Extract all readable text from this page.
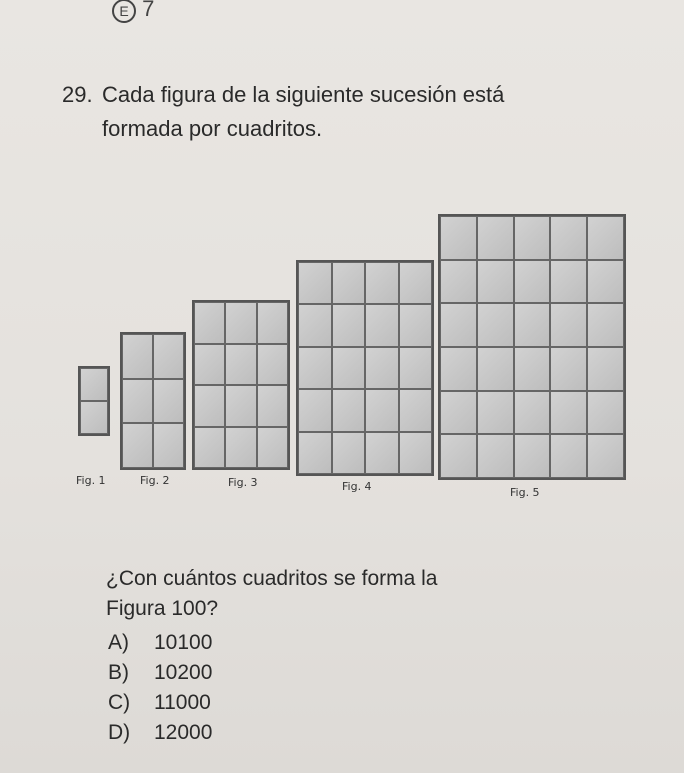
E 7
29. Cada figura de la siguiente sucesión está
formada por cuadritos.
Fig. 1	Fig. 2	Fig. 3	Fig. 4	Fig. 5
¿Con cuántos cuadritos se forma la
Figura 100?
A) 10100
B) 10200
C) 11000
D) 12000
